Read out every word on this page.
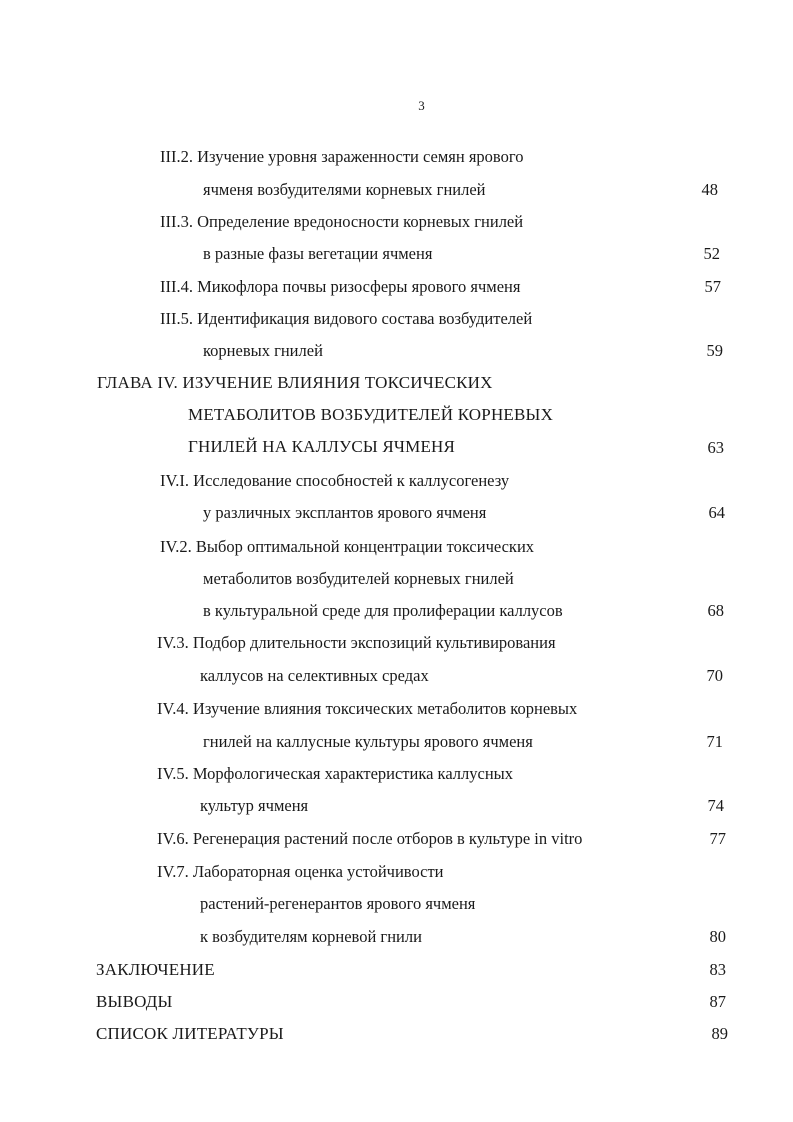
3
III.2. Изучение уровня зараженности семян ярового
ячменя возбудителями корневых гнилей	48
III.3. Определение вредоносности корневых гнилей
в разные фазы вегетации ячменя	52
III.4. Микофлора почвы ризосферы ярового ячменя	57
III.5. Идентификация видового состава возбудителей
корневых гнилей	59
ГЛАВА IV. ИЗУЧЕНИЕ ВЛИЯНИЯ ТОКСИЧЕСКИХ
МЕТАБОЛИТОВ ВОЗБУДИТЕЛЕЙ КОРНЕВЫХ
ГНИЛЕЙ НА КАЛЛУСЫ ЯЧМЕНЯ	63
IV.I. Исследование способностей к каллусогенезу
у различных эксплантов ярового ячменя	64
IV.2. Выбор оптимальной концентрации токсических
метаболитов возбудителей корневых гнилей
в культуральной среде для пролиферации каллусов	68
IV.3. Подбор длительности экспозиций культивирования
каллусов на селективных средах	70
IV.4. Изучение влияния токсических метаболитов корневых
гнилей на каллусные культуры ярового ячменя	71
IV.5. Морфологическая характеристика каллусных
культур ячменя	74
IV.6. Регенерация растений после отборов в культуре in vitro	77
IV.7. Лабораторная оценка устойчивости
растений-регенерантов ярового ячменя
к возбудителям корневой гнили	80
ЗАКЛЮЧЕНИЕ	83
ВЫВОДЫ	87
СПИСОК ЛИТЕРАТУРЫ	89
